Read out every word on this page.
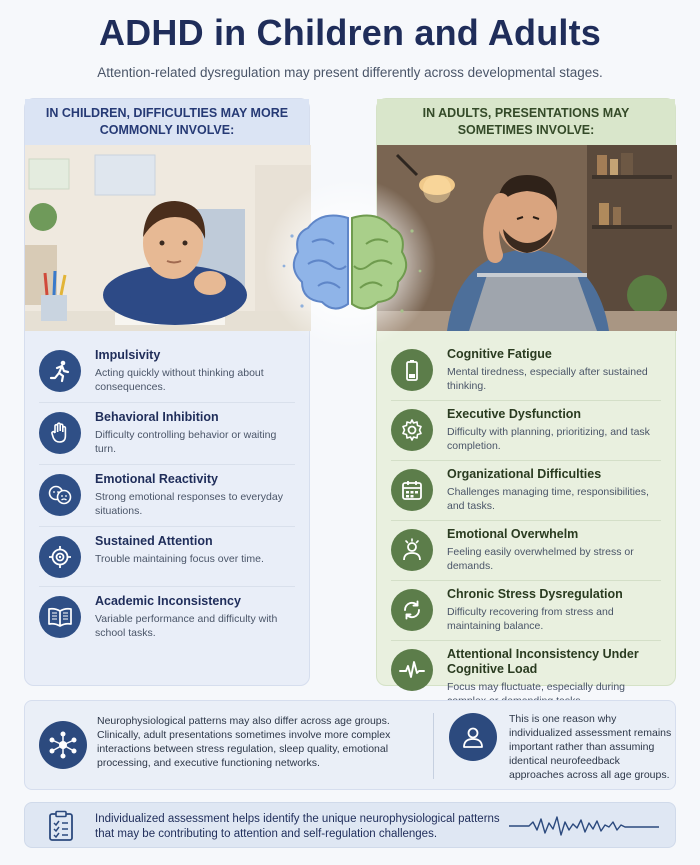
ADHD in Children and Adults
Attention-related dysregulation may present differently across developmental stages.
IN CHILDREN, DIFFICULTIES MAY MORE COMMONLY INVOLVE:
Impulsivity
Acting quickly without thinking about consequences.
Behavioral Inhibition
Difficulty controlling behavior or waiting turn.
Emotional Reactivity
Strong emotional responses to everyday situations.
Sustained Attention
Trouble maintaining focus over time.
Academic Inconsistency
Variable performance and difficulty with school tasks.
IN ADULTS, PRESENTATIONS MAY SOMETIMES INVOLVE:
Cognitive Fatigue
Mental tiredness, especially after sustained thinking.
Executive Dysfunction
Difficulty with planning, prioritizing, and task completion.
Organizational Difficulties
Challenges managing time, responsibilities, and tasks.
Emotional Overwhelm
Feeling easily overwhelmed by stress or demands.
Chronic Stress Dysregulation
Difficulty recovering from stress and maintaining balance.
Attentional Inconsistency Under Cognitive Load
Focus may fluctuate, especially during
Neurophysiological patterns may also differ across age groups. Clinically, adult presentations sometimes involve more complex interactions between stress regulation, sleep quality, emotional processing, and executive functioning networks.
This is one reason why individualized assessment remains important rather than assuming identical neurofeedback approaches across all age groups.
Individualized assessment helps identify the unique neurophysiological patterns that may be contributing to attention and self-regulation challenges.
